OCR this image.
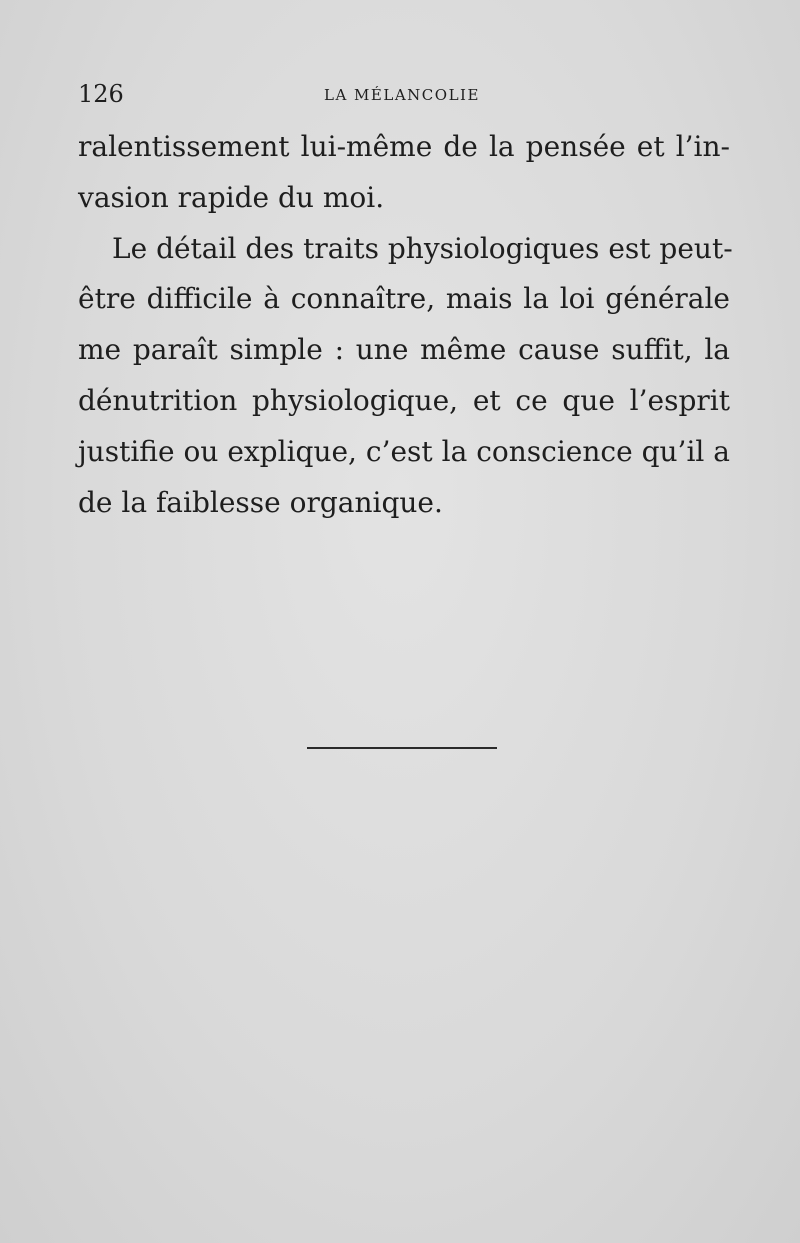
126	LA MÉLANCOLIE
ralentissement lui-même de la pensée et l’in-
vasion rapide du moi.
Le détail des traits physiologiques est peut-
être difficile à connaître, mais la loi générale
me paraît simple : une même cause suffit, la
dénutrition physiologique, et ce que l’esprit
justifie ou explique, c’est la conscience qu’il a
de la faiblesse organique.
